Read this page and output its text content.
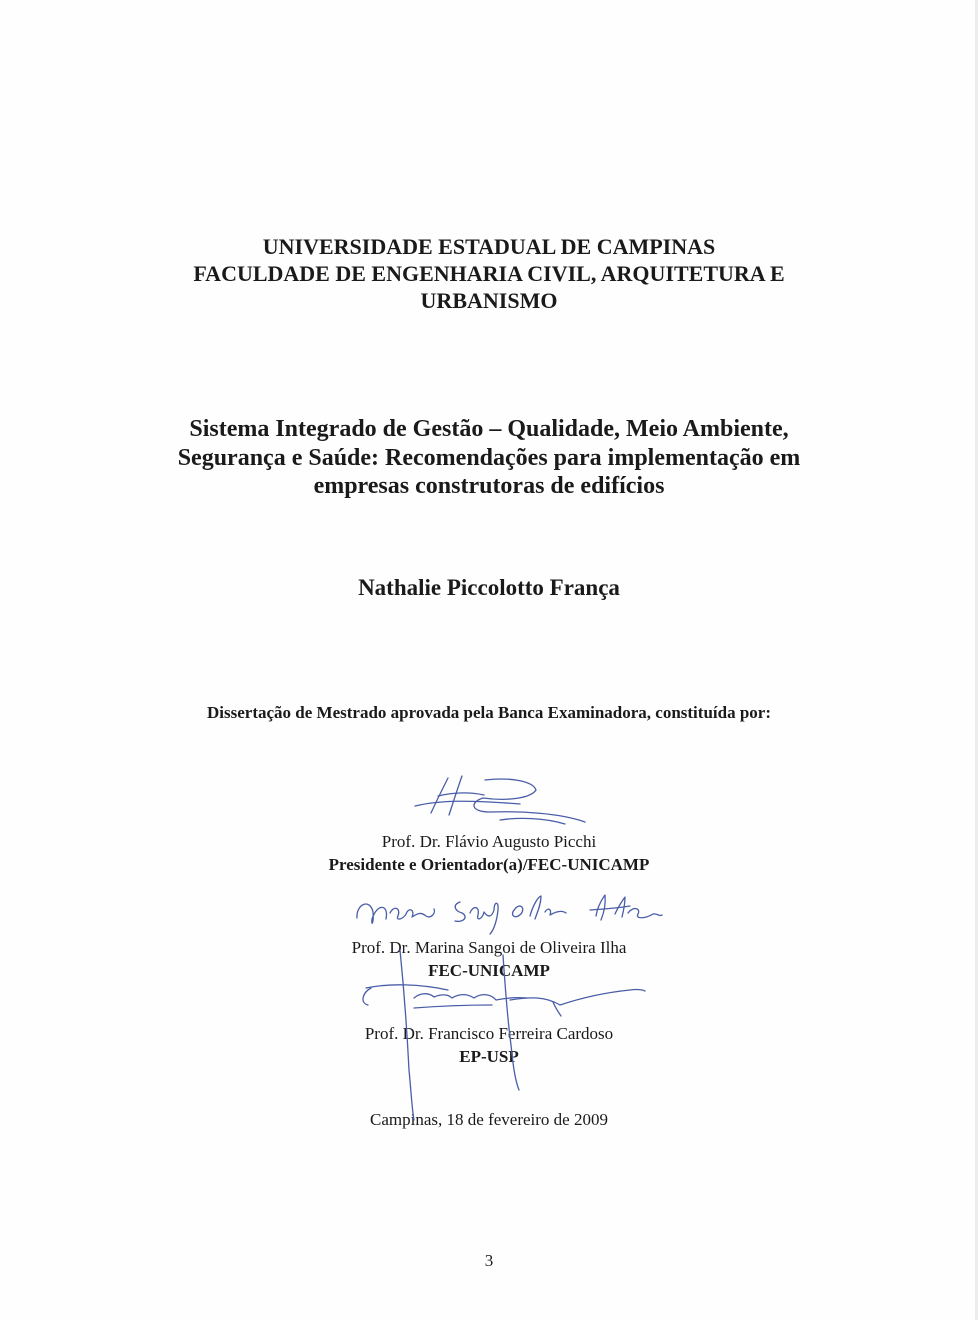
UNIVERSIDADE ESTADUAL DE CAMPINAS
FACULDADE DE ENGENHARIA CIVIL, ARQUITETURA E
URBANISMO
Sistema Integrado de Gestão – Qualidade, Meio Ambiente,
Segurança e Saúde: Recomendações para implementação em
empresas construtoras de edifícios
Nathalie Piccolotto França
Dissertação de Mestrado aprovada pela Banca Examinadora, constituída por:
Prof. Dr. Flávio Augusto Picchi
Presidente e Orientador(a)/FEC-UNICAMP
Prof. Dr. Marina Sangoi de Oliveira Ilha
FEC-UNICAMP
Prof. Dr. Francisco Ferreira Cardoso
EP-USP
Campinas, 18 de fevereiro de 2009
3
